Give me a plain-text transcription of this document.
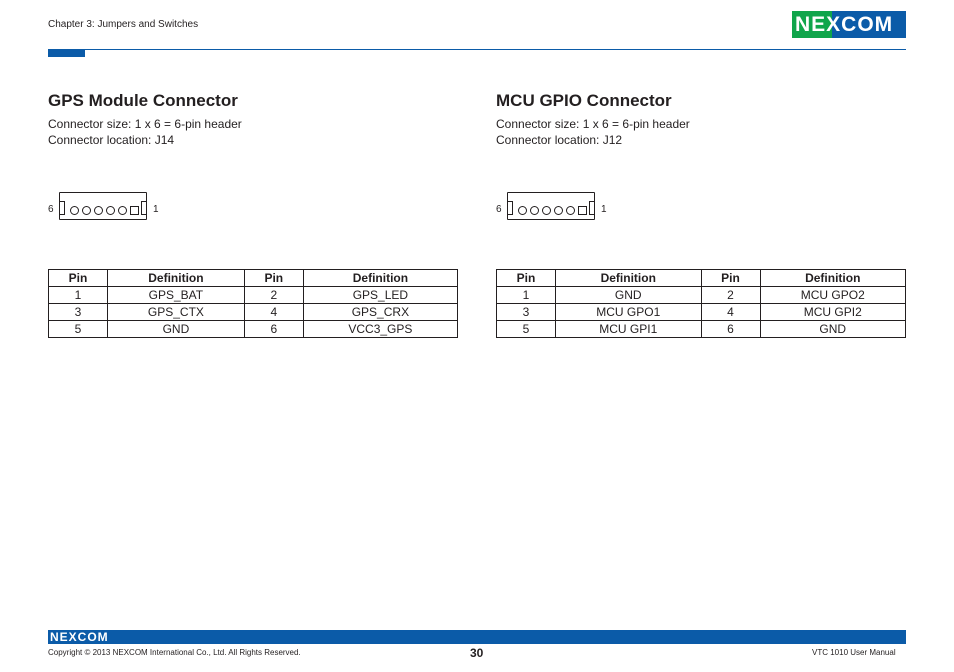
Chapter 3: Jumpers and Switches	NEXCOM
GPS Module Connector

Connector size: 1 x 6 = 6-pin header

Connector location: J14

6	1
Pin	Definition	Pin	Definition
1	GPS_BAT	2	GPS_LED
3	GPS_CTX	4	GPS_CRX
5	GND	6	VCC3_GPS
MCU GPIO Connector

Connector size: 1 x 6 = 6-pin header

Connector location: J12

6	1
Pin	Definition	Pin	Definition
1	GND	2	MCU GPO2
3	MCU GPO1	4	MCU GPI2
5	MCU GPI1	6	GND
NEXCOM
Copyright © 2013 NEXCOM International Co., Ltd. All Rights Reserved.	30	VTC 1010 User Manual
